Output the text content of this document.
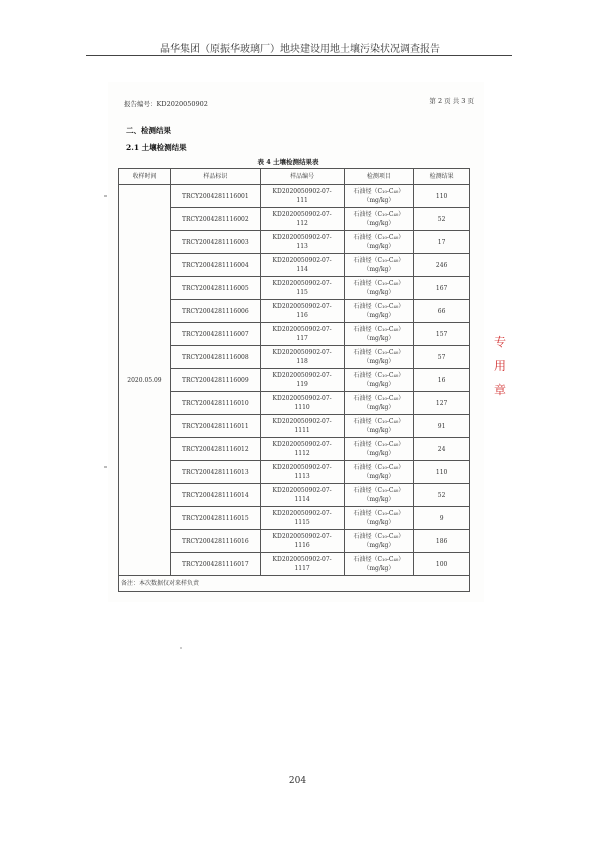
晶华集团（原振华玻璃厂）地块建设用地土壤污染状况调查报告
报告编号：KD2020050902	第 2 页 共 3 页
二、检测结果
2.1 土壤检测结果
表 4 土壤检测结果表
收样时间	样品标识	样品编号	检测项目	检测结果
2020.05.09	TRCY2004281116001	KD2020050902-07-
111	石油烃（C₁₀-C₄₀）
（mg/kg）	110
	TRCY2004281116002	KD2020050902-07-
112	石油烃（C₁₀-C₄₀）
（mg/kg）	52
	TRCY2004281116003	KD2020050902-07-
113	石油烃（C₁₀-C₄₀）
（mg/kg）	17
	TRCY2004281116004	KD2020050902-07-
114	石油烃（C₁₀-C₄₀）
（mg/kg）	246
	TRCY2004281116005	KD2020050902-07-
115	石油烃（C₁₀-C₄₀）
（mg/kg）	167
	TRCY2004281116006	KD2020050902-07-
116	石油烃（C₁₀-C₄₀）
（mg/kg）	66
	TRCY2004281116007	KD2020050902-07-
117	石油烃（C₁₀-C₄₀）
（mg/kg）	157
	TRCY2004281116008	KD2020050902-07-
118	石油烃（C₁₀-C₄₀）
（mg/kg）	57
	TRCY2004281116009	KD2020050902-07-
119	石油烃（C₁₀-C₄₀）
（mg/kg）	16
	TRCY2004281116010	KD2020050902-07-
1110	石油烃（C₁₀-C₄₀）
（mg/kg）	127
	TRCY2004281116011	KD2020050902-07-
1111	石油烃（C₁₀-C₄₀）
（mg/kg）	91
	TRCY2004281116012	KD2020050902-07-
1112	石油烃（C₁₀-C₄₀）
（mg/kg）	24
	TRCY2004281116013	KD2020050902-07-
1113	石油烃（C₁₀-C₄₀）
（mg/kg）	110
	TRCY2004281116014	KD2020050902-07-
1114	石油烃（C₁₀-C₄₀）
（mg/kg）	52
	TRCY2004281116015	KD2020050902-07-
1115	石油烃（C₁₀-C₄₀）
（mg/kg）	9
	TRCY2004281116016	KD2020050902-07-
1116	石油烃（C₁₀-C₄₀）
（mg/kg）	186
	TRCY2004281116017	KD2020050902-07-
1117	石油烃（C₁₀-C₄₀）
（mg/kg）	100
备注：本次数据仅对来样负责				
专
用
章
204
